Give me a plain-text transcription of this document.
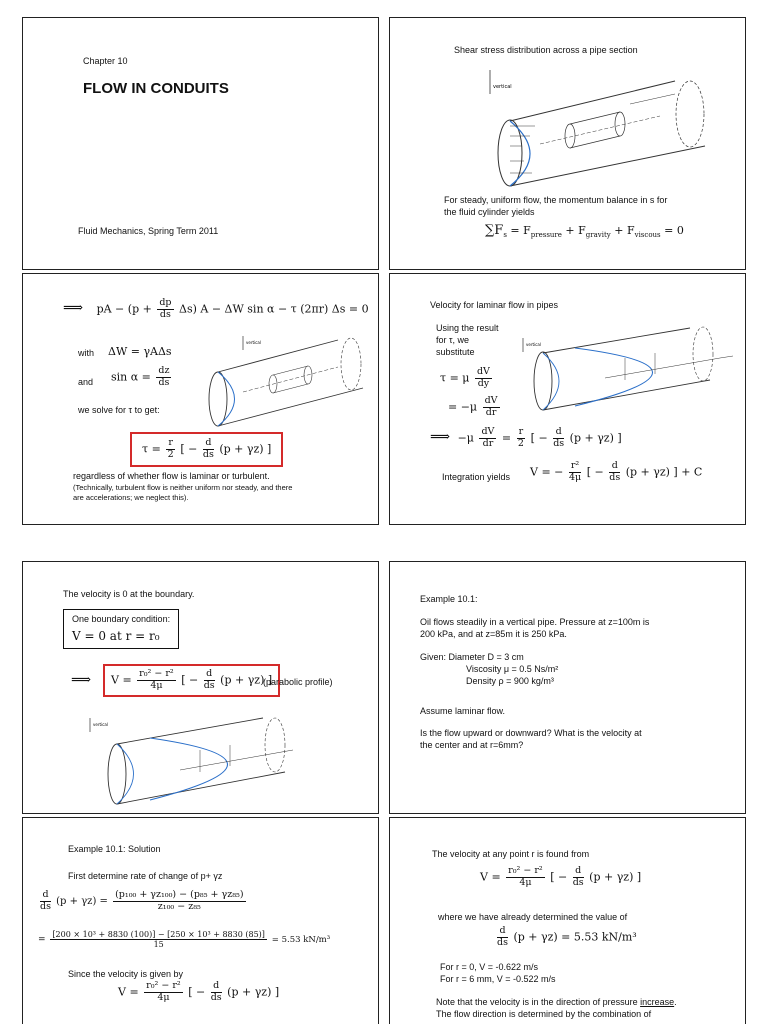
Chapter 10
FLOW IN CONDUITS
Fluid Mechanics, Spring Term 2011
Shear stress distribution across a pipe section
vertical
For steady, uniform flow, the momentum balance in s for
the fluid cylinder yields
$\sum F_s = F_{pressure} + F_{gravity} + F_{viscous} = 0$
⟹ pA − $(p + \frac{dp}{ds} \Delta s)$ A − ΔW sin α − τ (2πr) Δs = 0
with ΔW = γAΔs
and $\sin \alpha = \frac{dz}{ds}$
we solve for τ to get:
vertical
$\tau = \frac{r}{2}$ [ − $\frac{d}{ds} (p + \gamma z)$ ]
regardless of whether flow is laminar or turbulent.
(Technically, turbulent flow is neither uniform nor steady, and there
are accelerations; we neglect this).
Velocity for laminar flow in pipes
Using the result
for τ, we
substitute
τ = μ $\frac{dV}{dy}$
= $-\mu \frac{dV}{dr}$
vertical
⟹ $-\mu \frac{dV}{dr} = \frac{r}{2}$ [ − $\frac{d}{ds} (p + \gamma z)$ ]
Integration yields V = − $\frac{\text{r²}}{4\mu}$ [ − $\frac{d}{ds} (p + \gamma z)$ ] + C
The velocity is 0 at the boundary.
One boundary condition:
V = 0 at r = r₀
⟹	$V = \frac{\text{r₀² − r²}}{4\mu}$ [ − $\frac{d}{ds} (p + \gamma z)$ ]
(parabolic profile)
vertical
Example 10.1:
Oil flows steadily in a vertical pipe. Pressure at z=100m is
200 kPa, and at z=85m it is 250 kPa.
Given: Diameter D = 3 cm
Viscosity μ = 0.5 Ns/m²
Density ρ = 900 kg/m³
Assume laminar flow.
Is the flow upward or downward? What is the velocity at
the center and at r=6mm?
Example 10.1: Solution
First determine rate of change of p+ γz
$\frac{d}{ds} (p + \gamma z) = \frac{\text{(p₁₀₀ + γz₁₀₀) − (p₈₅ + γz₈₅)}}{\text{z₁₀₀ − z₈₅}}$
= $\frac{\text{[200 × 10³ + 8830 (100)] − [250 × 10³ + 8830 (85)]}}{15} = 5.53$ kN/m³
Since the velocity is given by
$V = \frac{\text{r₀² − r²}}{4\mu}$ [ − $\frac{d}{ds} (p + \gamma z)$ ]
The velocity at any point r is found from
$V = \frac{\text{r₀² − r²}}{4\mu}$ [ − $\frac{d}{ds} (p + \gamma z)$ ]
where we have already determined the value of
$\frac{d}{ds} (p + \gamma z) = 5.53$ kN/m³
For r = 0, V = -0.622 m/s
For r = 6 mm, V = -0.522 m/s
Note that the velocity is in the direction of pressure increase.
The flow direction is determined by the combination of
